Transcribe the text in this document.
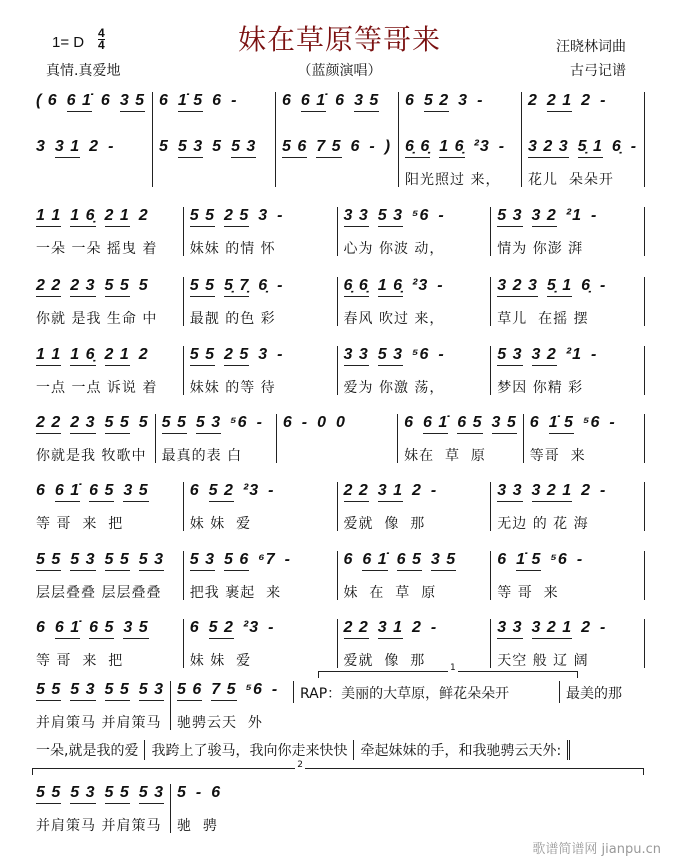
妹在草原等哥来
1= D $\frac{4}{4}$
真情.真爱地	（蓝颜演唱）
汪晓林词曲
古弓记谱
( 6 6 1̇ 6 3 5 6 1̇ 5 6 -	6 6 1̇ 6 3 5 6 5 2 3 -	2 2 1 2 -
3 3 1 2 -	5 5 3 5 5 3 5 6 7 5 6 - ) 6̣ 6̣ 1 6̣ ²3 -
阳光照过 来，
3 2 3 5̣ 1 6̣ -
花儿  朵朵开
1 1 1 6̣ 2 1 2
一朵 一朵 摇曳 着
5 5 2 5 3 -
妹妹 的情 怀
3 3 5 3 ⁵6 -
心为 你波 动，
5 3 3 2 ²1 -
情为 你澎 湃
2 2 2 3 5 5 5
你就 是我 生命 中
5 5 5̣ 7̣ 6̣ -
最靓 的色 彩
6̣ 6̣ 1 6̣ ²3 -
春风 吹过 来，
3 2 3 5̣ 1 6̣ -
草儿  在摇 摆
1 1 1 6̣ 2 1 2
一点 一点 诉说 着
5 5 2 5 3 -
妹妹 的等 待
3 3 5 3 ⁵6 -
爱为 你激 荡，
5 3 3 2 ²1 -
梦因 你精 彩
2 2 2 3 5 5 5
你就是我 牧歌中
5 5 5 3 ⁵6 -
最真的表 白
6 - 0 0	6 6 1̇ 6 5 3 5
妹在  草  原
6 1̇ 5 ⁵6 -
等哥  来
6 6 1̇ 6 5 3 5
等 哥  来  把
6 5 2 ²3 -
妹 妹  爱
2 2 3 1 2 -
爱就  像  那
3 3 3 2 1 2 -
无边 的 花 海
5 5 5 3 5 5 5 3
层层叠叠 层层叠叠
5 3 5 6 ⁶7 -
把我 裹起  来
6 6 1̇ 6 5 3 5
妹  在  草  原
6 1̇ 5 ⁵6 -
等 哥  来
6 6 1̇ 6 5 3 5
等 哥  来  把
6 5 2 ²3 -
妹 妹  爱
2 2 3 1 2 -
爱就  像  那
3 3 3 2 1 2 -
天空 般 辽 阔
5 5 5 3 5 5 5 3
并肩策马 并肩策马
5 6 7 5 ⁵6 -
驰骋云天  外
RAP：美丽的大草原，鲜花朵朵开	最美的那
5 5 5 3 5 5 5 3
并肩策马 并肩策马
5 - 6
驰  骋
1
一朵,就是我的爱 我跨上了骏马，我向你走来快快 牵起妹妹的手，和我驰骋云天外:
2
歌谱简谱网 jianpu.cn
